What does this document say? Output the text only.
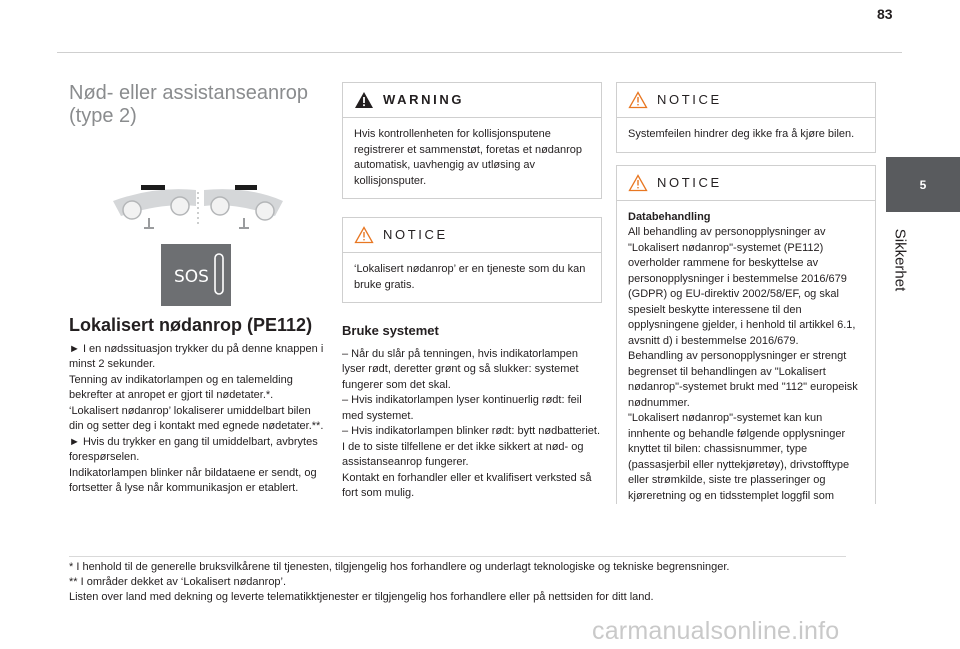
83
5
Sikkerhet
Nød- eller assistanseanrop (type 2)
SOS
Lokalisert nødanrop (PE112)

► I en nødssituasjon trykker du på denne knappen i minst 2 sekunder.

Tenning av indikatorlampen og en talemelding bekrefter at anropet er gjort til nødetater.*.

‘Lokalisert nødanrop’ lokaliserer umiddelbart bilen din og setter deg i kontakt med egnede nødetater.**.

► Hvis du trykker en gang til umiddelbart, avbrytes forespørselen.

Indikatorlampen blinker når bildataene er sendt, og fortsetter å lyse når kommunikasjon er etablert.

WARNING

Hvis kontrollenheten for kollisjonsputene registrerer et sammenstøt, foretas et nødanrop automatisk, uavhengig av utløsing av kollisjonsputer.

NOTICE

‘Lokalisert nødanrop’ er en tjeneste som du kan bruke gratis.

Bruke systemet

– Når du slår på tenningen, hvis indikatorlampen lyser rødt, deretter grønt og så slukker: systemet fungerer som det skal.

– Hvis indikatorlampen lyser kontinuerlig rødt: feil med systemet.

– Hvis indikatorlampen blinker rødt: bytt nødbatteriet.

I de to siste tilfellene er det ikke sikkert at nød- og assistanseanrop fungerer.

Kontakt en forhandler eller et kvalifisert verksted så fort som mulig.

NOTICE

Systemfeilen hindrer deg ikke fra å kjøre bilen.

NOTICE

Databehandling

All behandling av personopplysninger av "Lokalisert nødanrop"-systemet (PE112) overholder rammene for beskyttelse av personopplysninger i bestemmelse 2016/679 (GDPR) og EU-direktiv 2002/58/EF, og skal spesielt beskytte interessene til den opplysningene gjelder, i henhold til artikkel 6.1, avsnitt d) i bestemmelse 2016/679.

Behandling av personopplysninger er strengt begrenset til behandlingen av "Lokalisert nødanrop"-systemet brukt med "112" europeisk nødnummer.

"Lokalisert nødanrop"-systemet kan kun innhente og behandle følgende opplysninger knyttet til bilen: chassisnummer, type (passasjerbil eller nyttekjøretøy), drivstofftype eller strømkilde, siste tre plasseringer og kjøreretning og en tidsstemplet loggfil som

* I henhold til de generelle bruksvilkårene til tjenesten, tilgjengelig hos forhandlere og underlagt teknologiske og tekniske begrensninger.

** I områder dekket av ‘Lokalisert nødanrop’.

Listen over land med dekning og leverte telematikktjenester er tilgjengelig hos forhandlere eller på nettsiden for ditt land.

carmanualsonline.info
